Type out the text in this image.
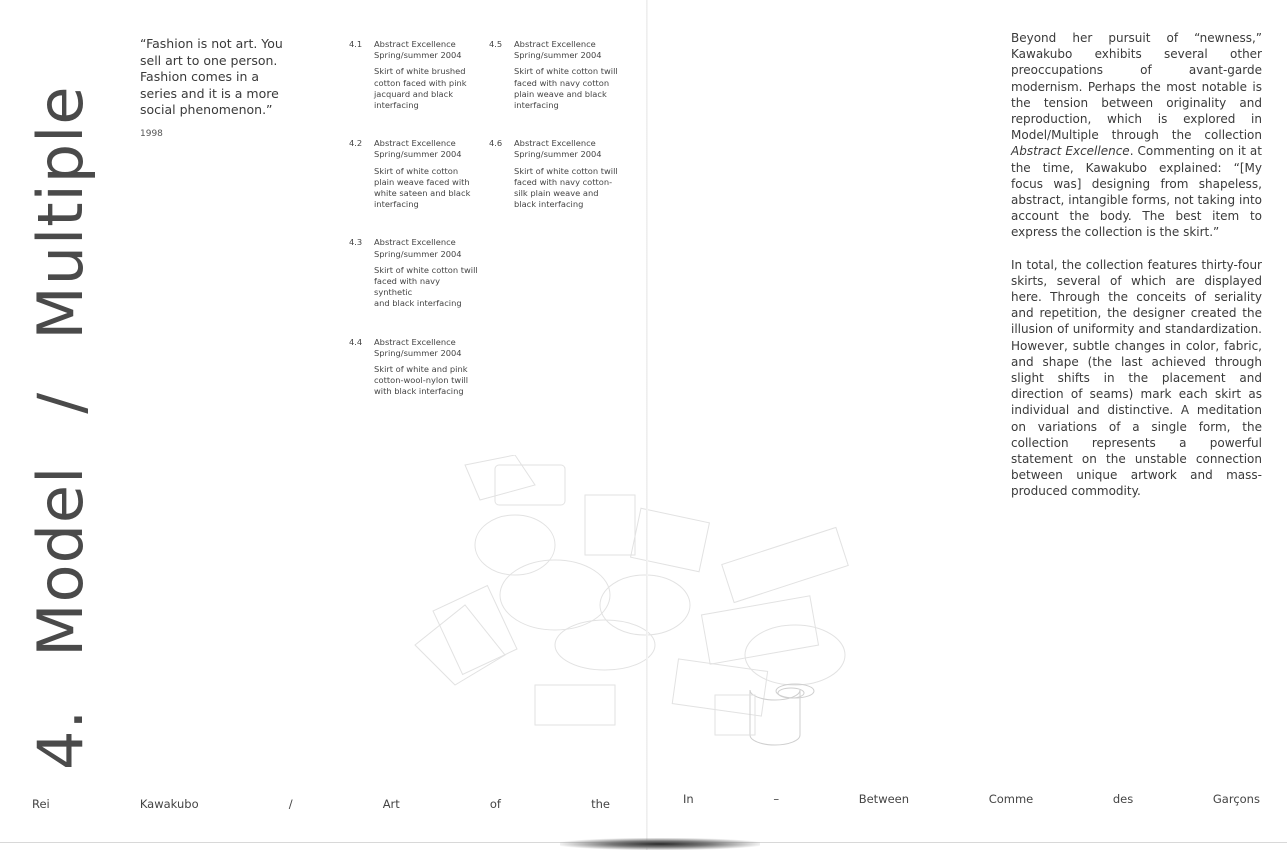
4.Model/Multiple

“Fashion is not art. You sell art to one person. Fashion comes in a series and it is a more social phenomenon.”

1998
4.1 Abstract Excellence
Spring/summer 2004

Skirt of white brushed
cotton faced with pink
jacquard and black
interfacing

4.2 Abstract Excellence
Spring/summer 2004

Skirt of white cotton
plain weave faced with
white sateen and black
interfacing

4.3 Abstract Excellence
Spring/summer 2004

Skirt of white cotton twill
faced with navy synthetic
and black interfacing

4.4 Abstract Excellence
Spring/summer 2004

Skirt of white and pink
cotton-wool-nylon twill
with black interfacing

4.5 Abstract Excellence
Spring/summer 2004

Skirt of white cotton twill
faced with navy cotton
plain weave and black
interfacing

4.6 Abstract Excellence
Spring/summer 2004

Skirt of white cotton twill
faced with navy cotton-
silk plain weave and
black interfacing

Beyond her pursuit of “newness,” Kawakubo exhibits several other preoccupations of avant-garde modernism. Perhaps the most notable is the tension between originality and reproduction, which is explored in Model/Multiple through the collection Abstract Excellence. Commenting on it at the time, Kawakubo explained: “[My focus was] designing from shapeless, abstract, intangible forms, not taking into account the body. The best item to express the collection is the skirt.”

In total, the collection features thirty-four skirts, several of which are displayed here. Through the conceits of seriality and repetition, the designer created the illusion of uniformity and standardization. However, subtle changes in color, fabric, and shape (the last achieved through slight shifts in the placement and direction of seams) mark each skirt as individual and distinctive. A meditation on variations of a single form, the collection represents a powerful statement on the unstable connection between unique artwork and mass-produced commodity.

Rei	Kawakubo	/	Art	of	the	In	–	Between	Comme	des	Garçons
